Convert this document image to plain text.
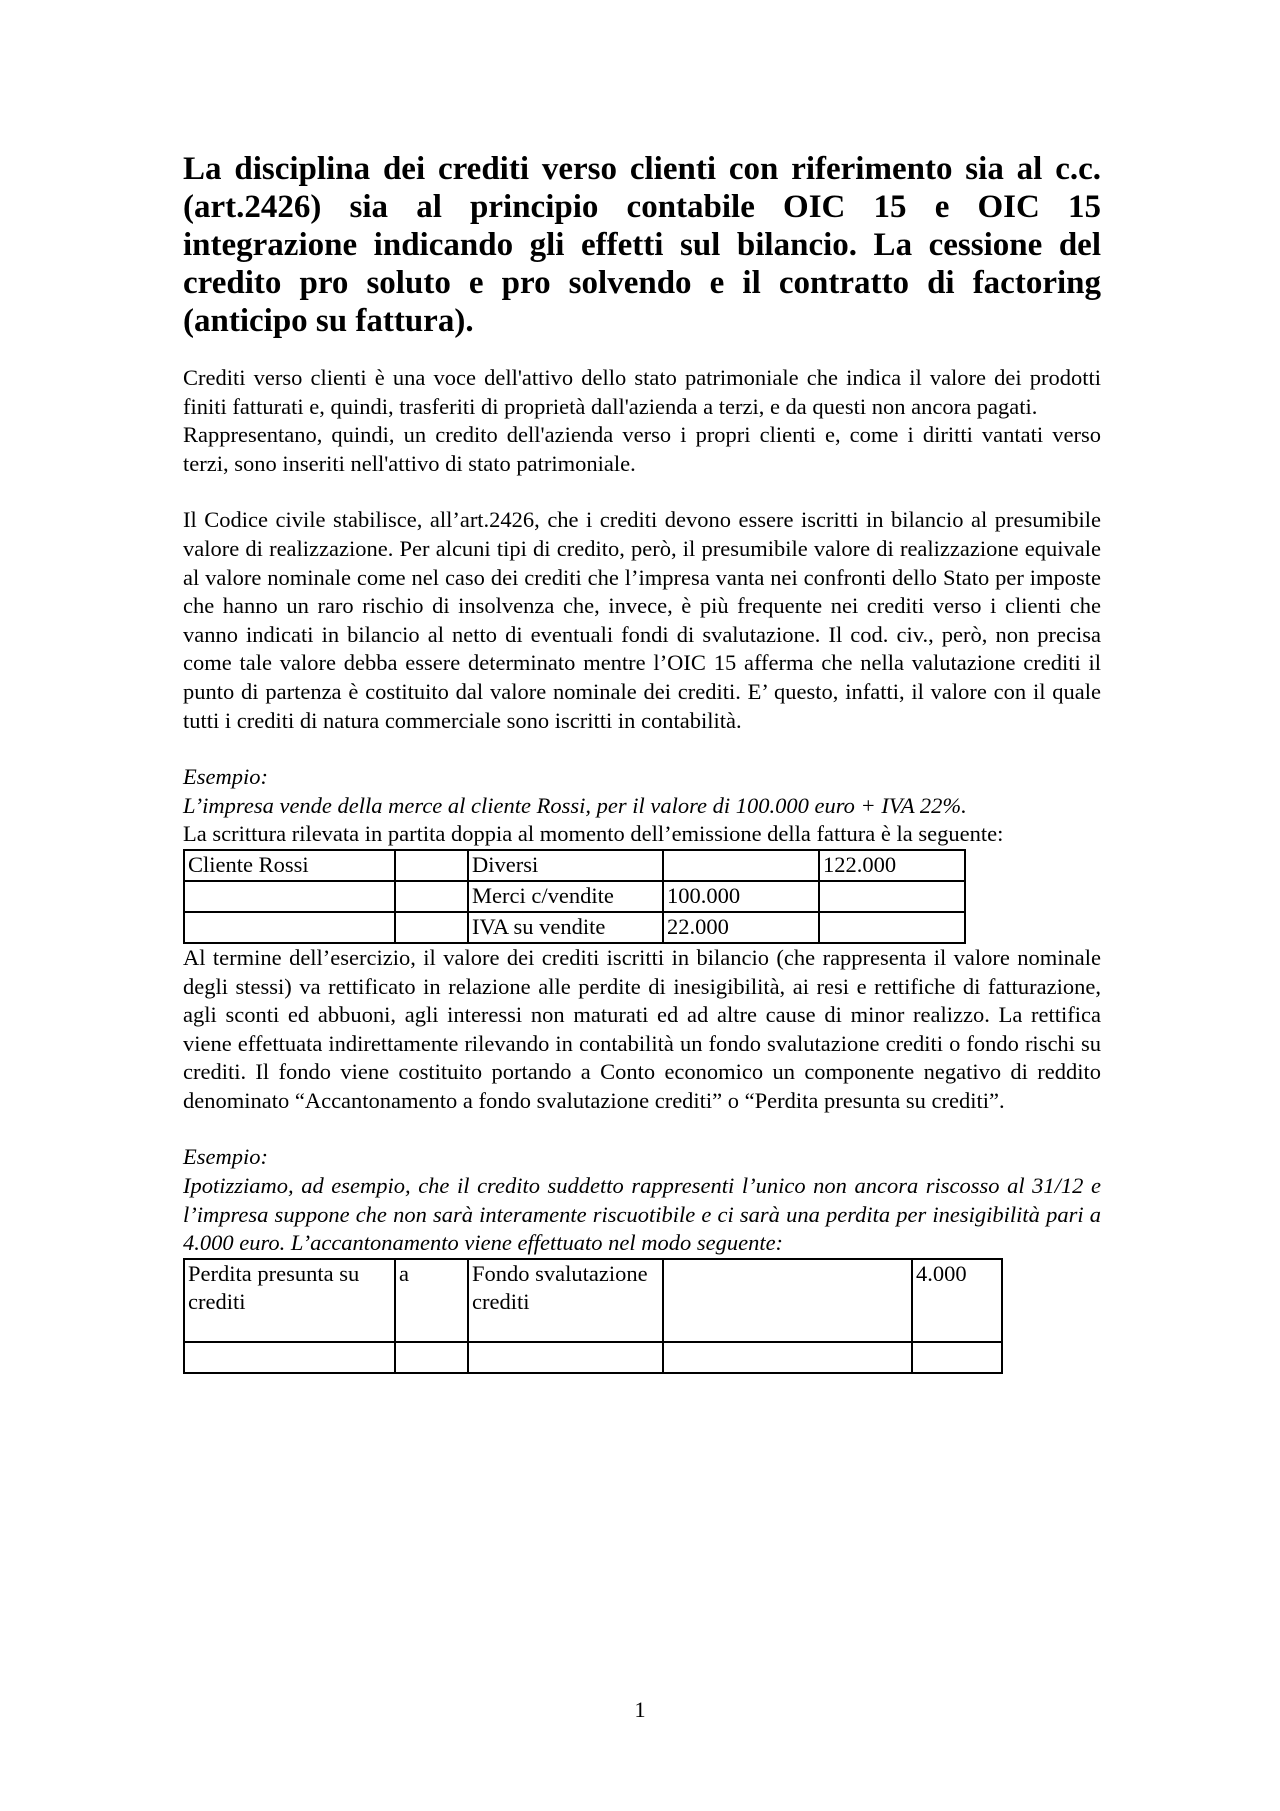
La disciplina dei crediti verso clienti con riferimento sia al c.c. (art.2426) sia al principio contabile OIC 15 e OIC 15 integrazione indicando gli effetti sul bilancio. La cessione del credito pro soluto e pro solvendo e il contratto di factoring (anticipo su fattura).

Crediti verso clienti è una voce dell'attivo dello stato patrimoniale che indica il valore dei prodotti finiti fatturati e, quindi, trasferiti di proprietà dall'azienda a terzi, e da questi non ancora pagati.

Rappresentano, quindi, un credito dell'azienda verso i propri clienti e, come i diritti vantati verso terzi, sono inseriti nell'attivo di stato patrimoniale.

Il Codice civile stabilisce, all’art.2426, che i crediti devono essere iscritti in bilancio al presumibile valore di realizzazione. Per alcuni tipi di credito, però, il presumibile valore di realizzazione equivale al valore nominale come nel caso dei crediti che l’impresa vanta nei confronti dello Stato per imposte che hanno un raro rischio di insolvenza che, invece, è più frequente nei crediti verso i clienti che vanno indicati in bilancio al netto di eventuali fondi di svalutazione. Il cod. civ., però, non precisa come tale valore debba essere determinato mentre l’OIC 15 afferma che nella valutazione crediti il punto di partenza è costituito dal valore nominale dei crediti. E’ questo, infatti, il valore con il quale tutti i crediti di natura commerciale sono iscritti in contabilità.

Esempio:

L’impresa vende della merce al cliente Rossi, per il valore di 100.000 euro + IVA 22%.

La scrittura rilevata in partita doppia al momento dell’emissione della fattura è la seguente:

Cliente Rossi		Diversi		122.000
		Merci c/vendite	100.000	
		IVA su vendite	22.000	

Al termine dell’esercizio, il valore dei crediti iscritti in bilancio (che rappresenta il valore nominale degli stessi) va rettificato in relazione alle perdite di inesigibilità, ai resi e rettifiche di fatturazione, agli sconti ed abbuoni, agli interessi non maturati ed ad altre cause di minor realizzo. La rettifica viene effettuata indirettamente rilevando in contabilità un fondo svalutazione crediti o fondo rischi su crediti. Il fondo viene costituito portando a Conto economico un componente negativo di reddito denominato “Accantonamento a fondo svalutazione crediti” o “Perdita presunta su crediti”.

Esempio:

Ipotizziamo, ad esempio, che il credito suddetto rappresenti l’unico non ancora riscosso al 31/12 e l’impresa suppone che non sarà interamente riscuotibile e ci sarà una perdita per inesigibilità pari a 4.000 euro. L’accantonamento viene effettuato nel modo seguente:

Perdita presunta su crediti	a	Fondo svalutazione crediti		4.000

1
